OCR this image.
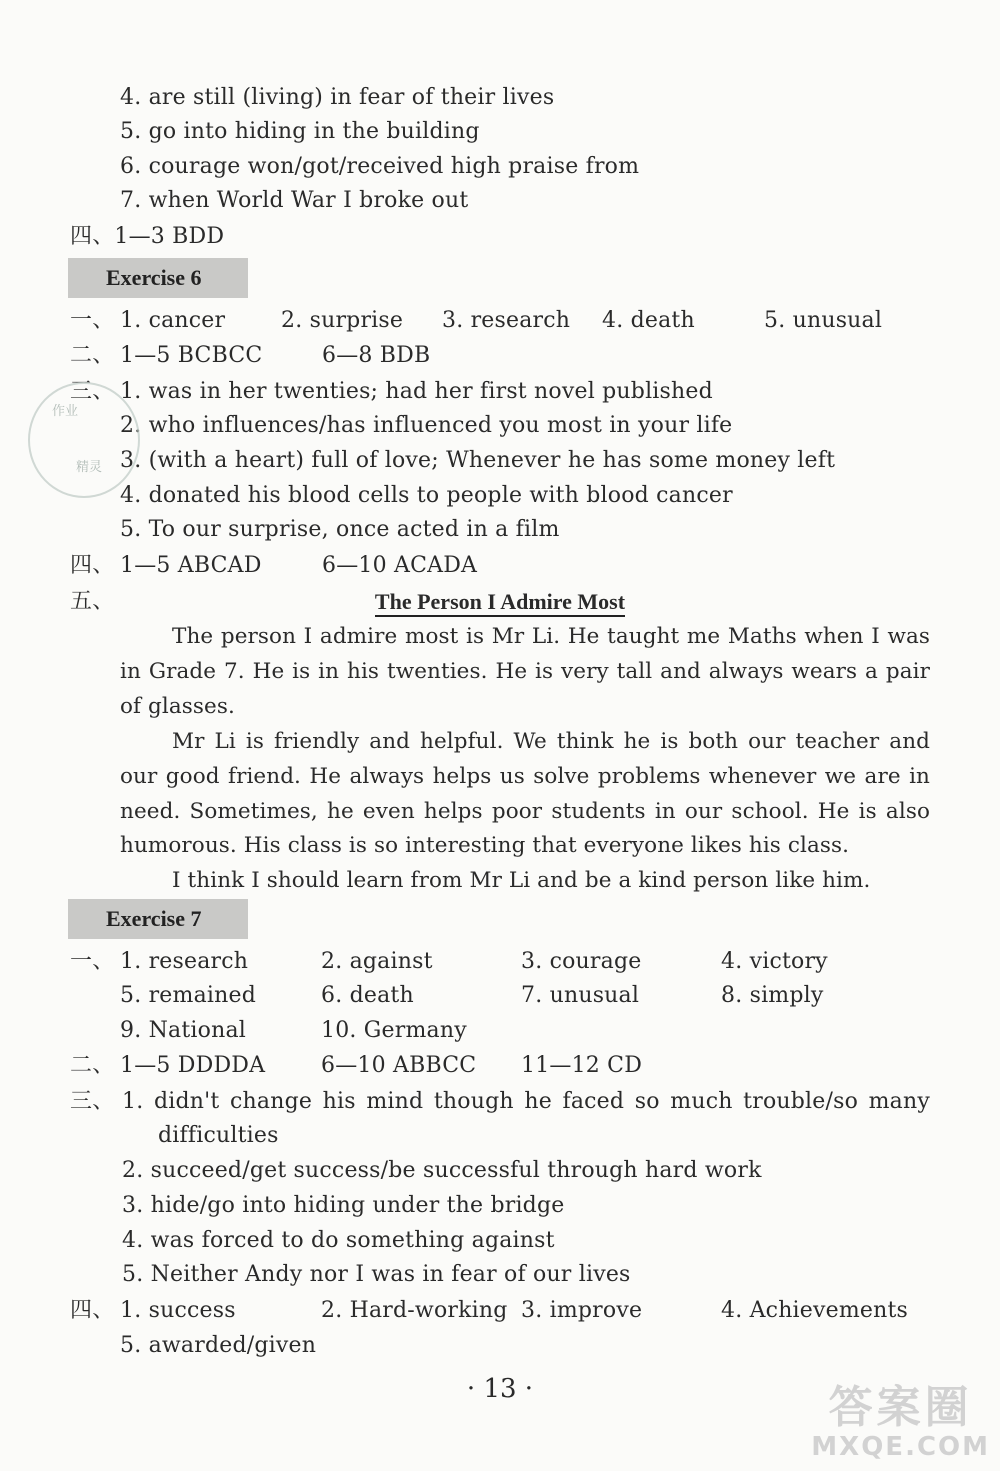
4. are still (living) in fear of their lives
5. go into hiding in the building
6. courage won/got/received high praise from
7. when World War Ⅰ broke out
四、1—3 BDD
Exercise 6
一、 1. cancer	2. surprise 3. research 4. death	5. unusual
二、 1—5 BCBCC	6—8 BDB
三、 1. was in her twenties; had her first novel published
2. who influences/has influenced you most in your life
3. (with a heart) full of love; Whenever he has some money left
4. donated his blood cells to people with blood cancer
5. To our surprise, once acted in a film
作业
精灵
四、 1—5 ABCAD	6—10 ACADA
五、	The Person I Admire Most
The person I admire most is Mr Li. He taught me Maths when I was in Grade 7. He is in his twenties. He is very tall and always wears a pair of glasses.
Mr Li is friendly and helpful. We think he is both our teacher and our good friend. He always helps us solve problems whenever we are in need. Sometimes, he even helps poor students in our school. He is also humorous. His class is so interesting that everyone likes his class.
I think I should learn from Mr Li and be a kind person like him.
Exercise 7
一、 1. research	2. against	3. courage	4. victory
5. remained	6. death	7. unusual	8. simply
9. National	10. Germany
二、 1—5 DDDDA	6—10 ABBCC 11—12 CD
三、 1. didn't change his mind though he faced so much trouble/so many
difficulties
2. succeed/get success/be successful through hard work
3. hide/go into hiding under the bridge
4. was forced to do something against
5. Neither Andy nor I was in fear of our lives
四、 1. success	2. Hard-working 3. improve	4. Achievements
5. awarded/given
· 13 ·	答案圈
MXQE.COM
